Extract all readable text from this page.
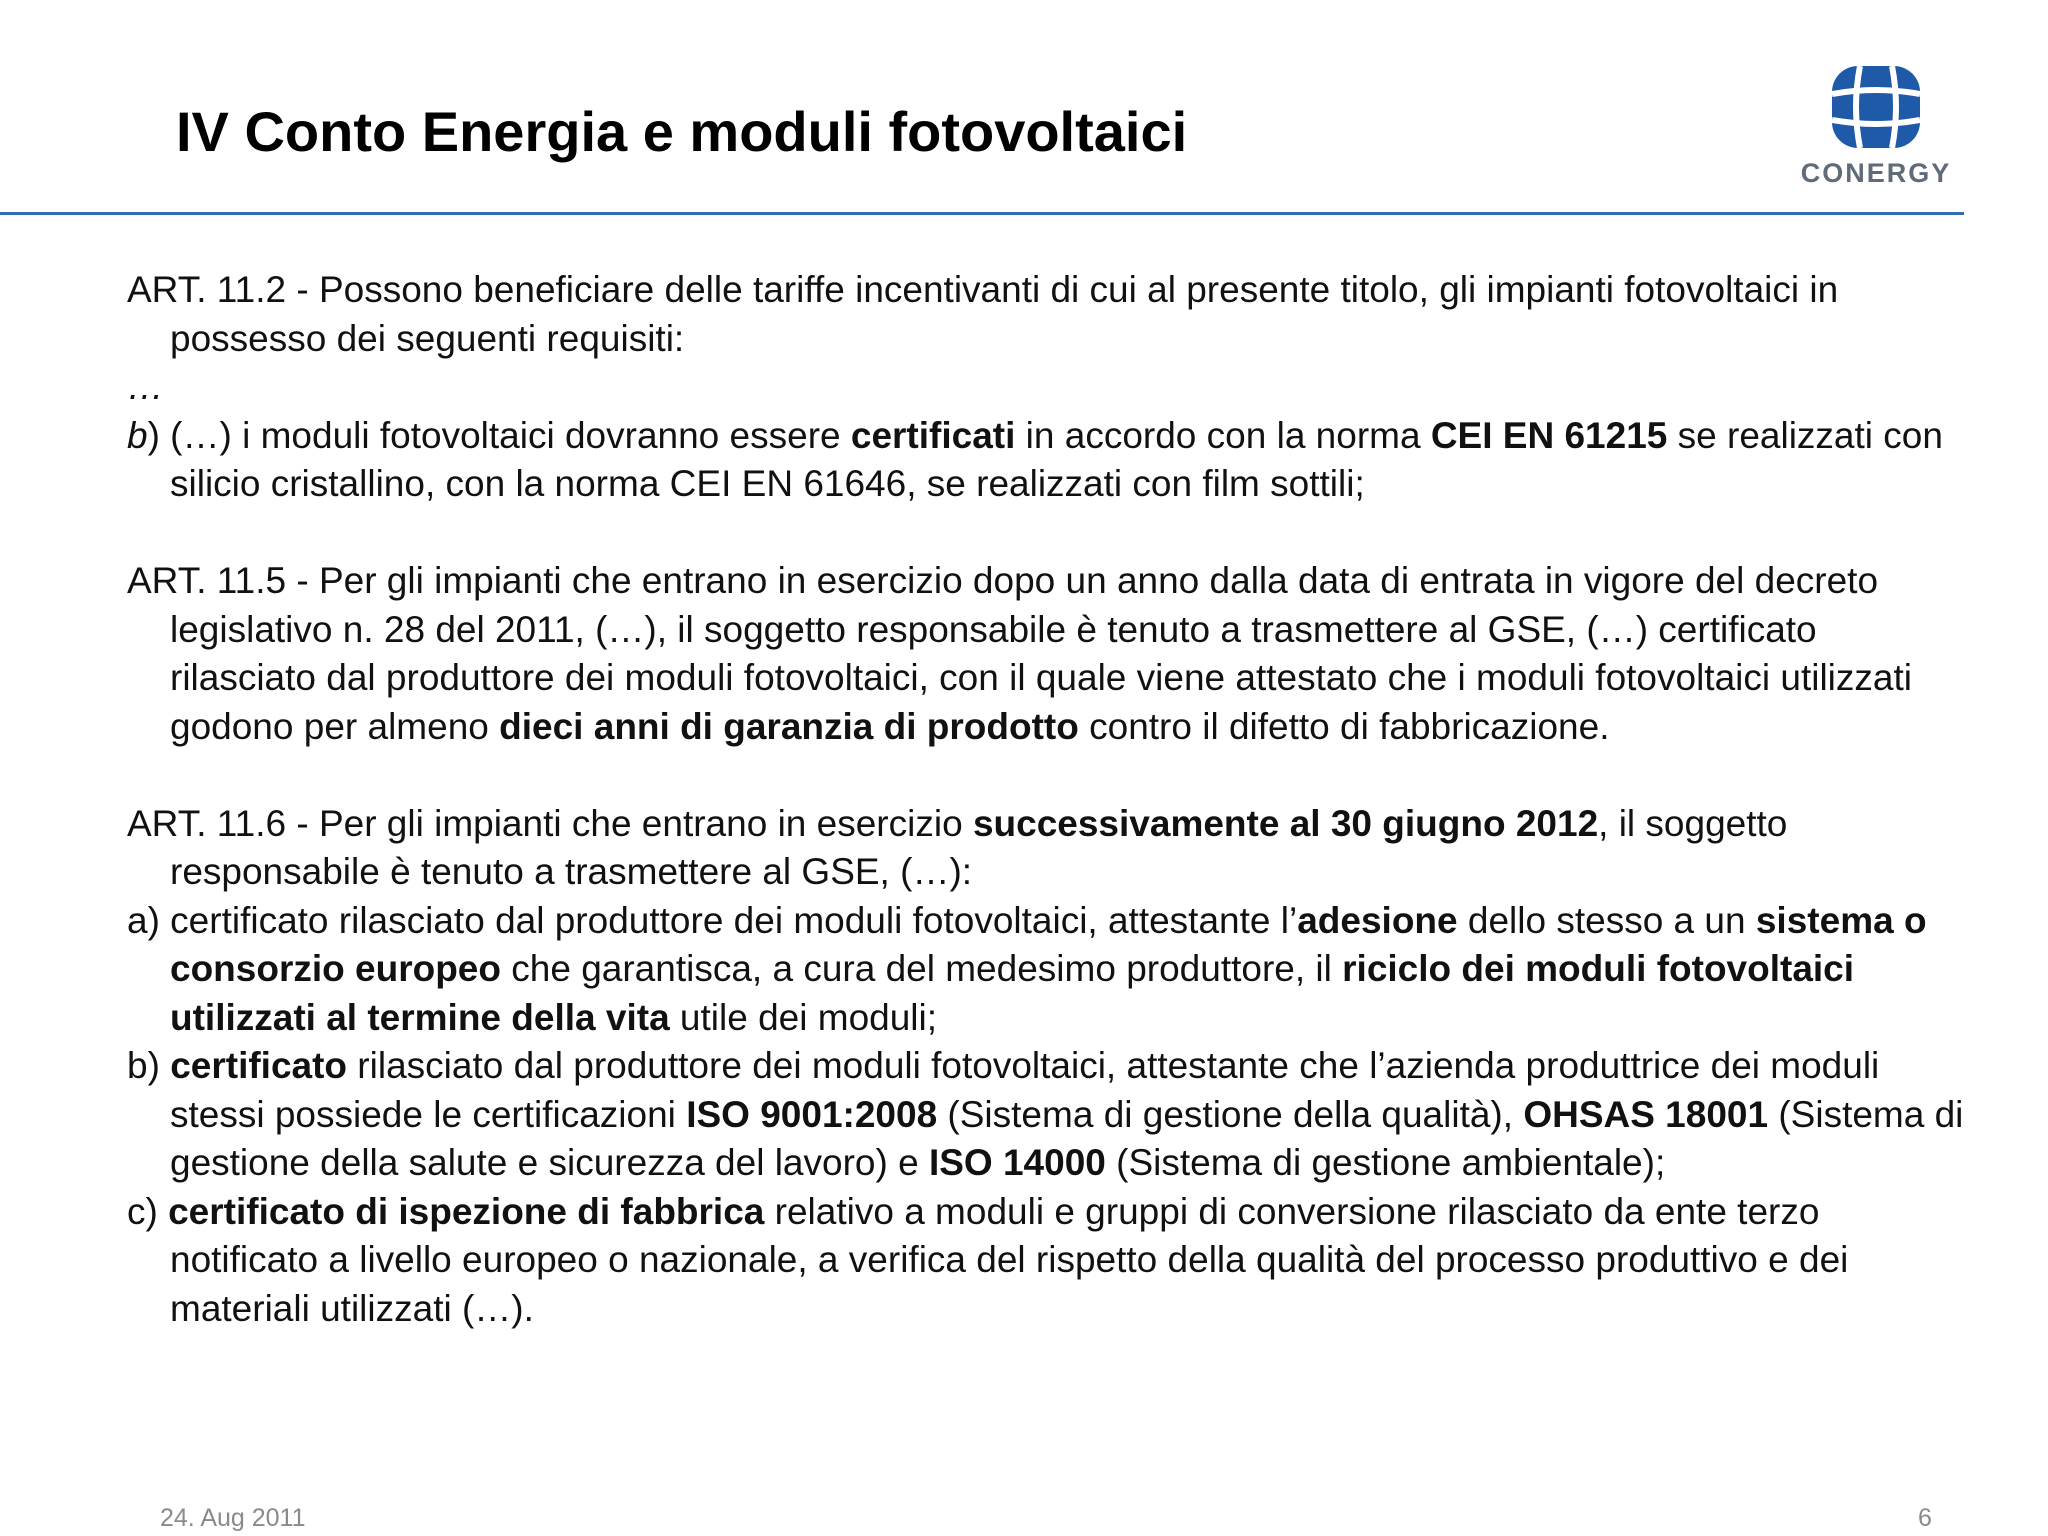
IV Conto Energia e moduli fotovoltaici
CONERGY

ART. 11.2 - Possono beneficiare delle tariffe incentivanti di cui al presente titolo, gli impianti fotovoltaici in possesso dei seguenti requisiti:

…

b) (…) i moduli fotovoltaici dovranno essere certificati in accordo con la norma CEI EN 61215 se realizzati con silicio cristallino, con la norma CEI EN 61646, se realizzati con film sottili;

ART. 11.5 - Per gli impianti che entrano in esercizio dopo un anno dalla data di entrata in vigore del decreto legislativo n. 28 del 2011, (…), il soggetto responsabile è tenuto a trasmettere al GSE, (…) certificato rilasciato dal produttore dei moduli fotovoltaici, con il quale viene attestato che i moduli fotovoltaici utilizzati godono per almeno dieci anni di garanzia di prodotto contro il difetto di fabbricazione.

ART. 11.6 - Per gli impianti che entrano in esercizio successivamente al 30 giugno 2012, il soggetto responsabile è tenuto a trasmettere al GSE, (…):

a) certificato rilasciato dal produttore dei moduli fotovoltaici, attestante l’adesione dello stesso a un sistema o consorzio europeo che garantisca, a cura del medesimo produttore, il riciclo dei moduli fotovoltaici utilizzati al termine della vita utile dei moduli;

b) certificato rilasciato dal produttore dei moduli fotovoltaici, attestante che l’azienda produttrice dei moduli stessi possiede le certificazioni ISO 9001:2008 (Sistema di gestione della qualità), OHSAS 18001 (Sistema di gestione della salute e sicurezza del lavoro) e ISO 14000 (Sistema di gestione ambientale);

c) certificato di ispezione di fabbrica relativo a moduli e gruppi di conversione rilasciato da ente terzo notificato a livello europeo o nazionale, a verifica del rispetto della qualità del processo produttivo e dei materiali utilizzati (…).

24. Aug 2011	6
